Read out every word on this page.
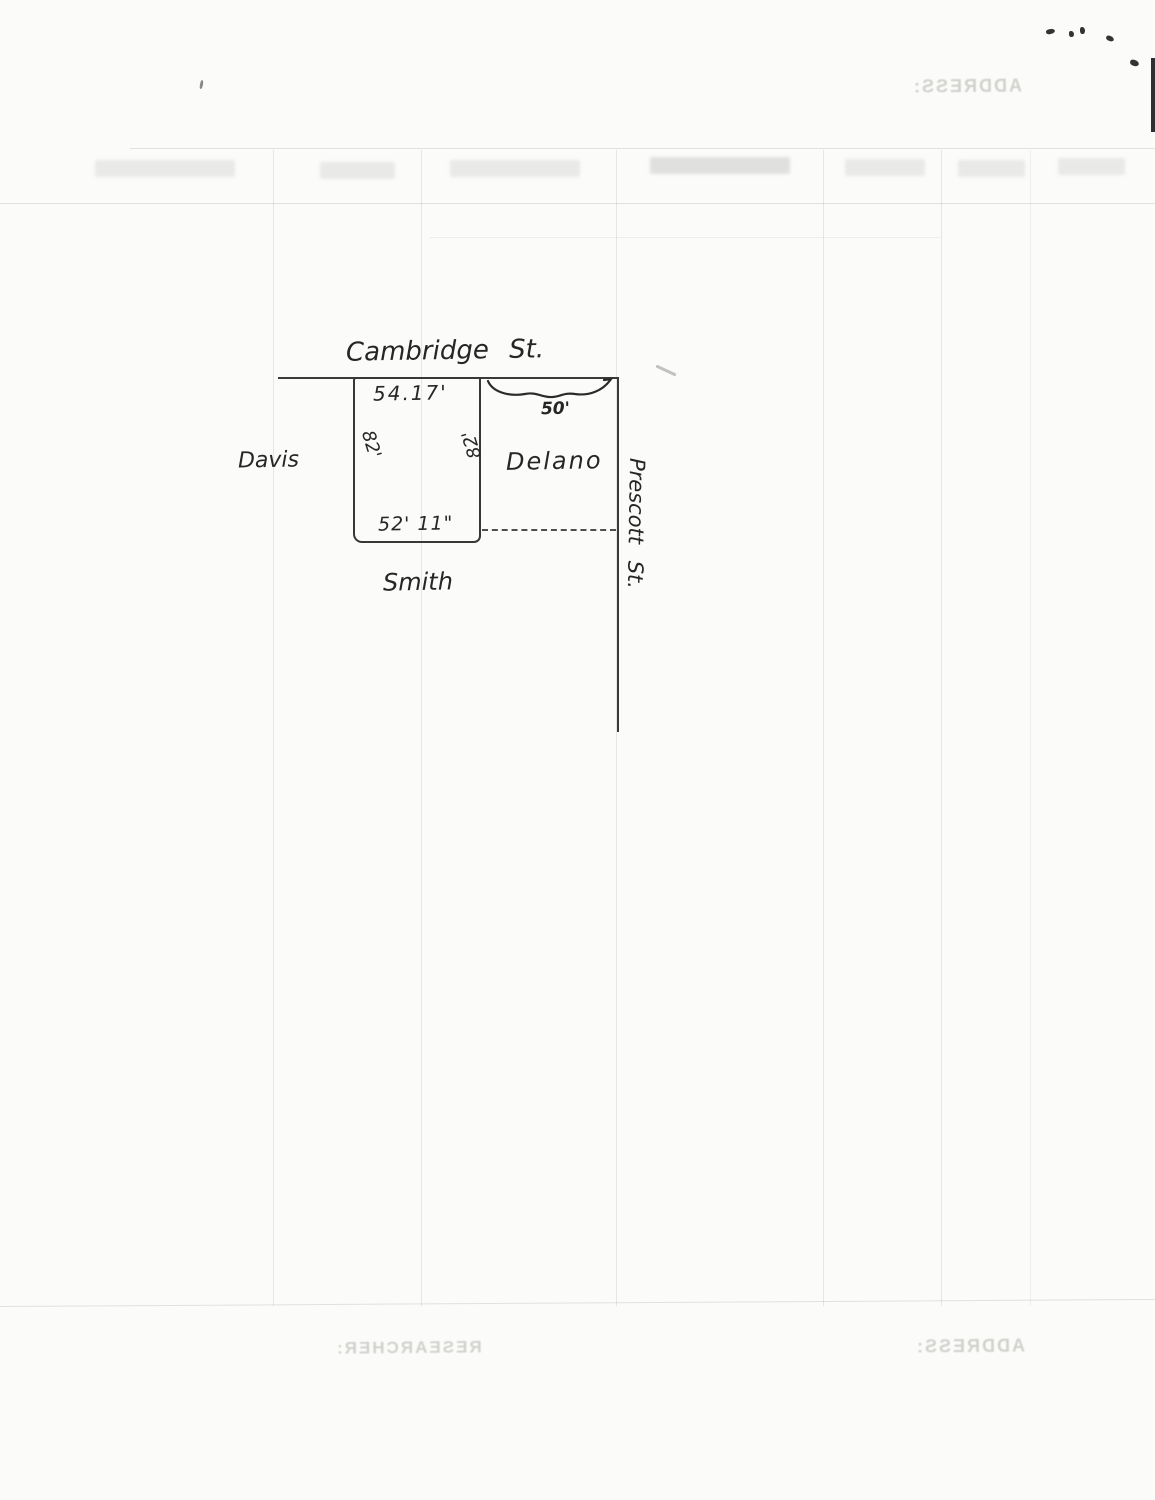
ADDRESS:
RESEARCHER:	ADDRESS:
Cambridge St.
Prescott St.
54.17'
82'	82'
52' 11"
50'
Davis	Delano
Smith
